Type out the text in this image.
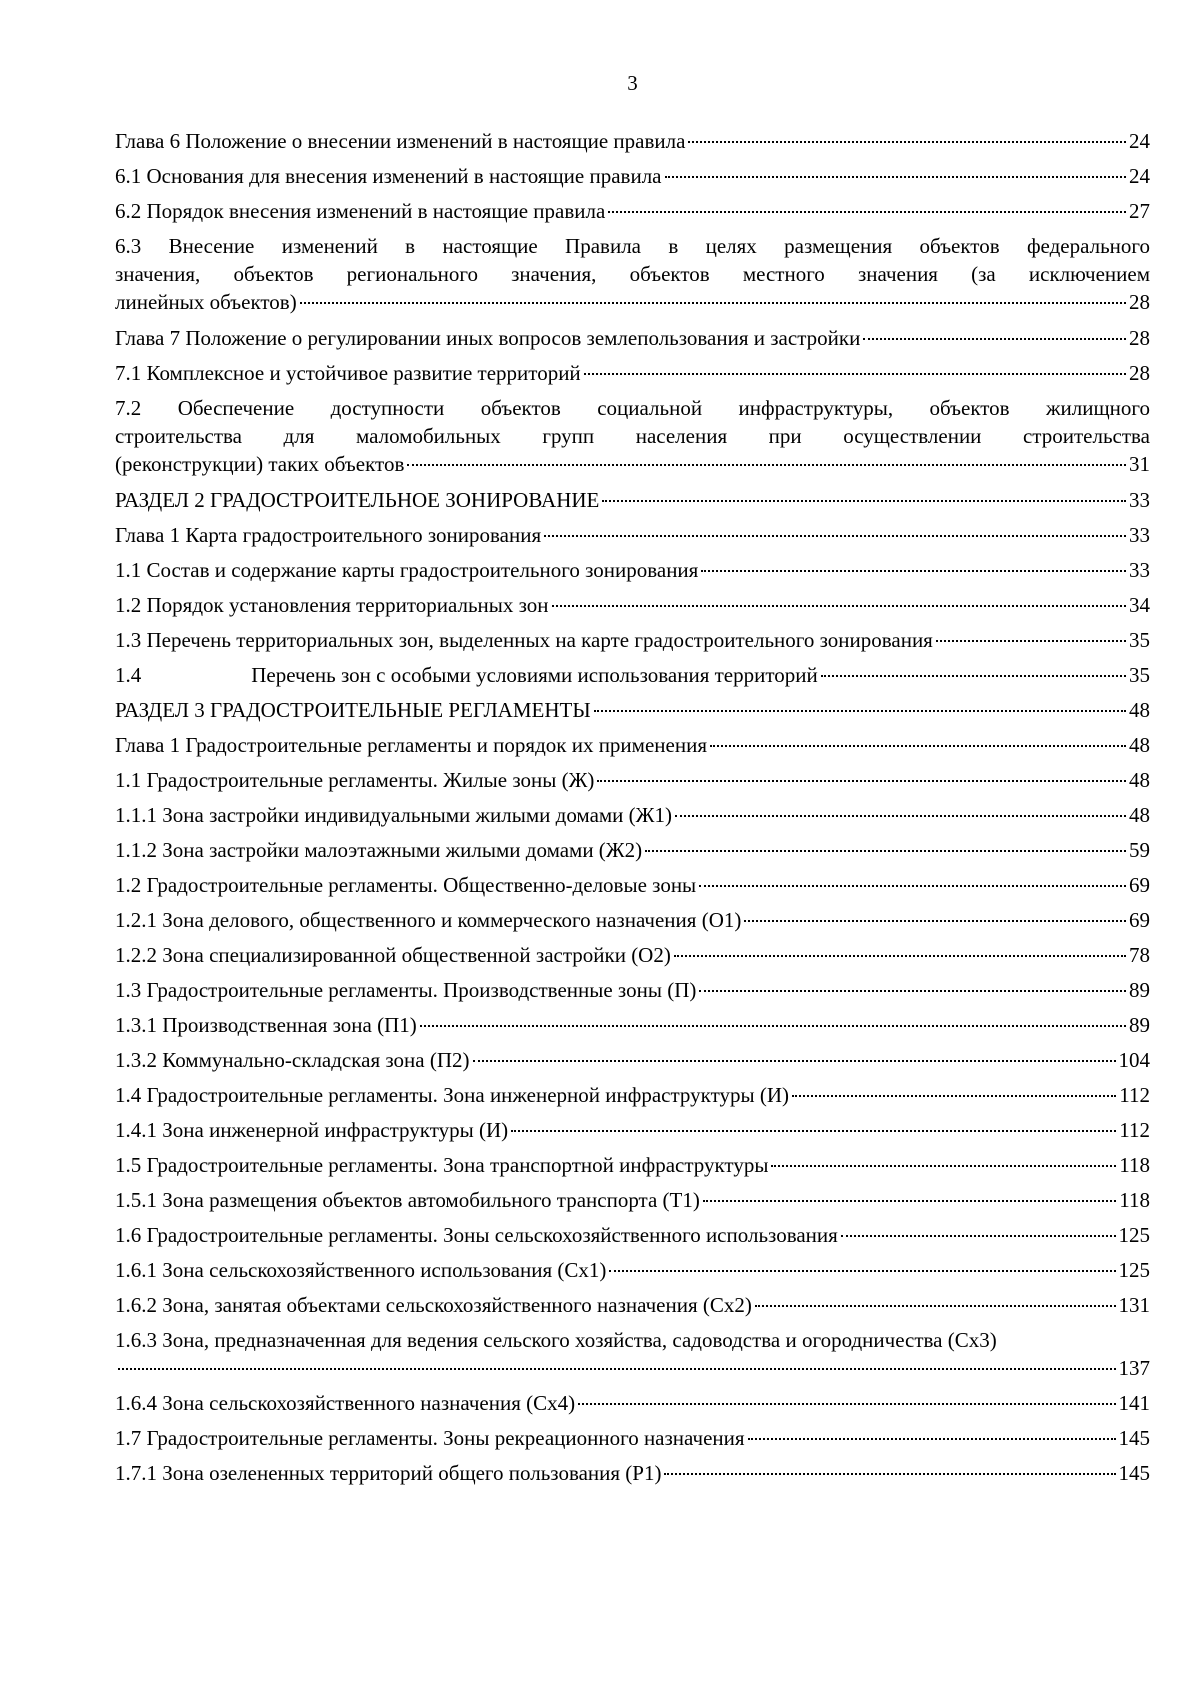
3
Глава 6 Положение о внесении изменений в настоящие правила	24
6.1 Основания для внесения изменений в настоящие правила	24
6.2 Порядок внесения изменений в настоящие правила	27
6.3 Внесение изменений в настоящие Правила в целях размещения объектов федерального
значения, объектов регионального значения, объектов местного значения (за исключением
линейных объектов)	28
Глава 7 Положение о регулировании иных вопросов землепользования и застройки	28
7.1 Комплексное и устойчивое развитие территорий	28
7.2 Обеспечение доступности объектов социальной инфраструктуры, объектов жилищного
строительства для маломобильных групп населения при осуществлении строительства
(реконструкции) таких объектов	31
РАЗДЕЛ 2 ГРАДОСТРОИТЕЛЬНОЕ ЗОНИРОВАНИЕ	33
Глава 1 Карта градостроительного зонирования	33
1.1 Состав и содержание карты градостроительного зонирования	33
1.2 Порядок установления территориальных зон	34
1.3 Перечень территориальных зон, выделенных на карте градостроительного зонирования	35
1.4	Перечень зон с особыми условиями использования территорий	35
РАЗДЕЛ 3 ГРАДОСТРОИТЕЛЬНЫЕ РЕГЛАМЕНТЫ	48
Глава 1 Градостроительные регламенты и порядок их применения	48
1.1 Градостроительные регламенты. Жилые зоны (Ж)	48
1.1.1 Зона застройки индивидуальными жилыми домами (Ж1)	48
1.1.2 Зона застройки малоэтажными жилыми домами (Ж2)	59
1.2 Градостроительные регламенты. Общественно-деловые зоны	69
1.2.1 Зона делового, общественного и коммерческого назначения (О1)	69
1.2.2 Зона специализированной общественной застройки (О2)	78
1.3 Градостроительные регламенты. Производственные зоны (П)	89
1.3.1 Производственная зона (П1)	89
1.3.2 Коммунально-складская зона (П2)	104
1.4 Градостроительные регламенты. Зона инженерной инфраструктуры (И)	112
1.4.1 Зона инженерной инфраструктуры (И)	112
1.5 Градостроительные регламенты. Зона транспортной инфраструктуры	118
1.5.1 Зона размещения объектов автомобильного транспорта (Т1)	118
1.6 Градостроительные регламенты. Зоны сельскохозяйственного использования	125
1.6.1 Зона сельскохозяйственного использования (Сх1)	125
1.6.2 Зона, занятая объектами сельскохозяйственного назначения (Сх2)	131
1.6.3 Зона, предназначенная для ведения сельского хозяйства, садоводства и огородничества (Сх3)
137
1.6.4 Зона сельскохозяйственного назначения (Сх4)	141
1.7 Градостроительные регламенты. Зоны рекреационного назначения	145
1.7.1 Зона озелененных территорий общего пользования (Р1)	145
